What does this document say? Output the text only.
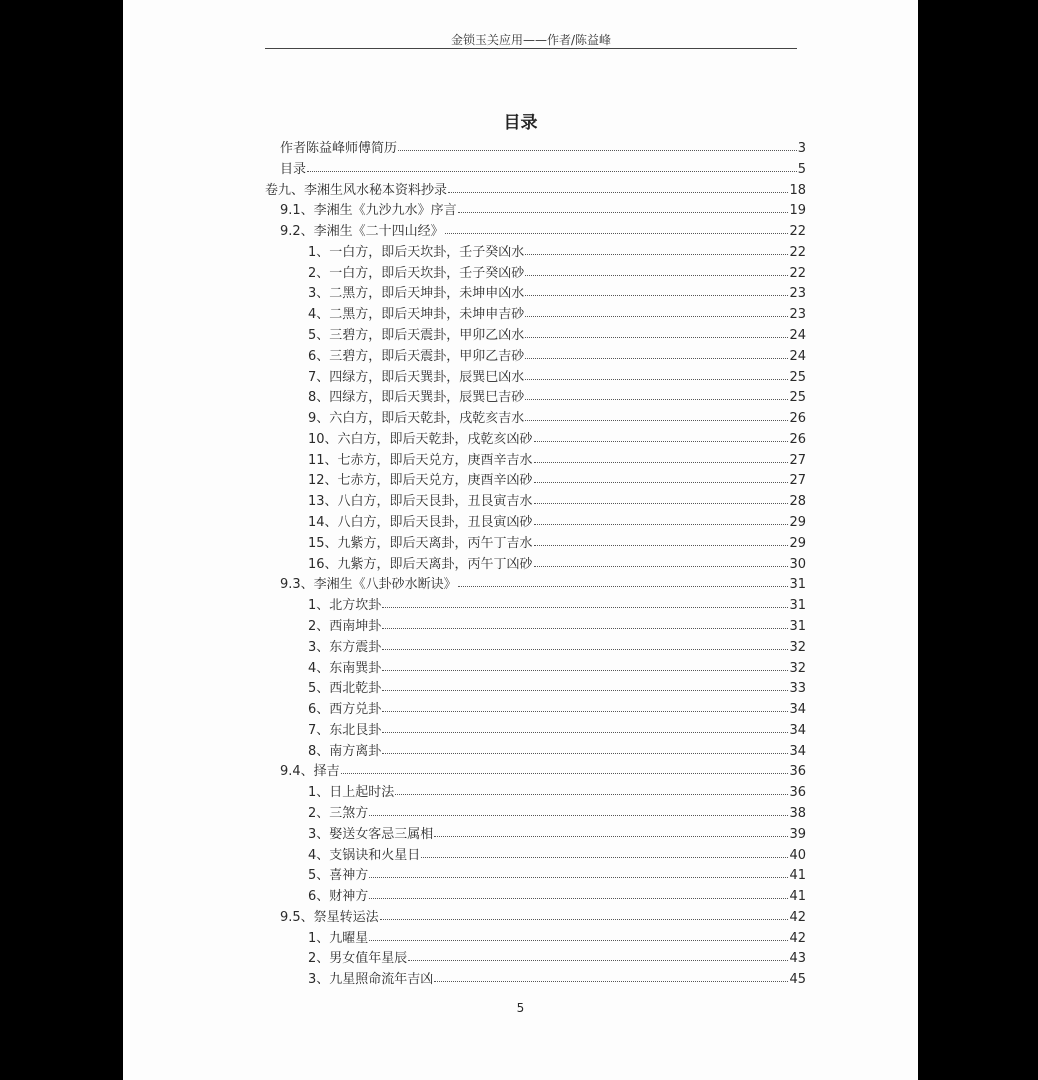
金锁玉关应用——作者/陈益峰
目录
作者陈益峰师傅简历	3
目录	5
卷九、李湘生风水秘本资料抄录	18
9.1、李湘生《九沙九水》序言	19
9.2、李湘生《二十四山经》	22
1、一白方，即后天坎卦，壬子癸凶水	22
2、一白方，即后天坎卦，壬子癸凶砂	22
3、二黑方，即后天坤卦，未坤申凶水	23
4、二黑方，即后天坤卦，未坤申吉砂	23
5、三碧方，即后天震卦，甲卯乙凶水	24
6、三碧方，即后天震卦，甲卯乙吉砂	24
7、四绿方，即后天巽卦，辰巽巳凶水	25
8、四绿方，即后天巽卦，辰巽巳吉砂	25
9、六白方，即后天乾卦，戌乾亥吉水	26
10、六白方，即后天乾卦，戌乾亥凶砂	26
11、七赤方，即后天兑方，庚酉辛吉水	27
12、七赤方，即后天兑方，庚酉辛凶砂	27
13、八白方，即后天艮卦，丑艮寅吉水	28
14、八白方，即后天艮卦，丑艮寅凶砂	29
15、九紫方，即后天离卦，丙午丁吉水	29
16、九紫方，即后天离卦，丙午丁凶砂	30
9.3、李湘生《八卦砂水断诀》	31
1、北方坎卦	31
2、西南坤卦	31
3、东方震卦	32
4、东南巽卦	32
5、西北乾卦	33
6、西方兑卦	34
7、东北艮卦	34
8、南方离卦	34
9.4、择吉	36
1、日上起时法	36
2、三煞方	38
3、娶送女客忌三属相	39
4、支锅诀和火星日	40
5、喜神方	41
6、财神方	41
9.5、祭星转运法	42
1、九曜星	42
2、男女值年星辰	43
3、九星照命流年吉凶	45
5
